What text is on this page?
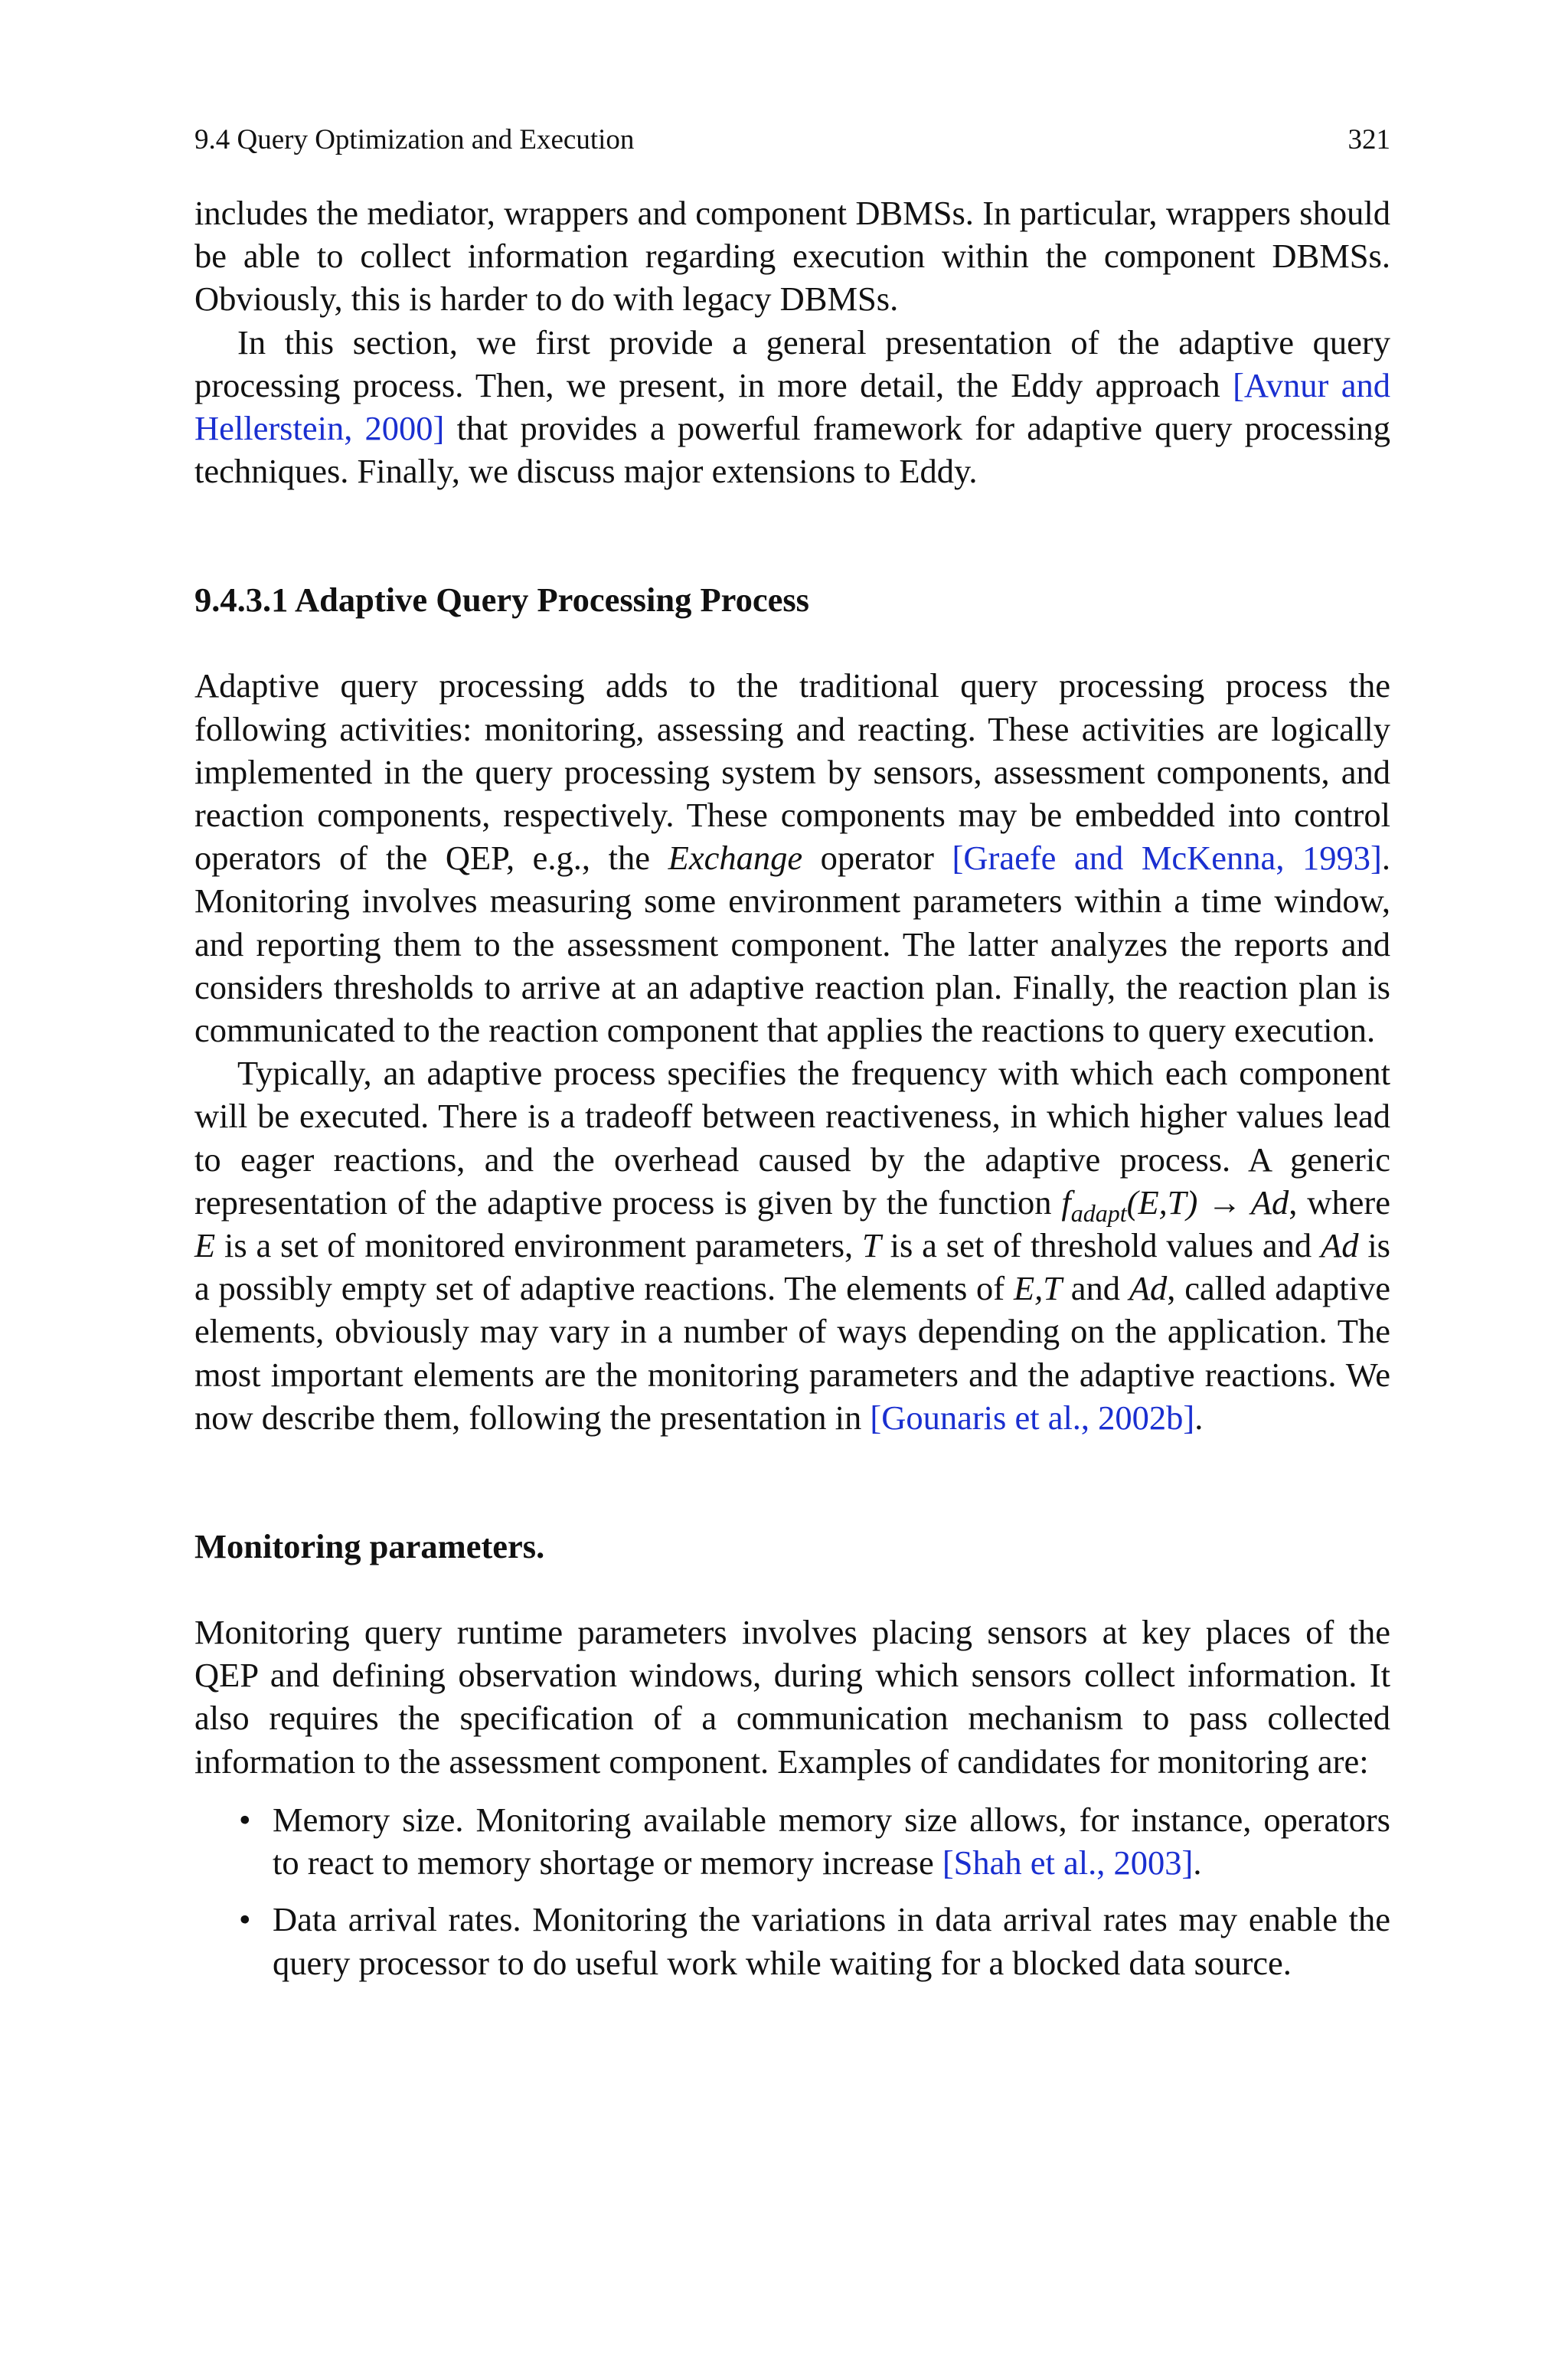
9.4 Query Optimization and Execution	321

includes the mediator, wrappers and component DBMSs. In particular, wrappers should be able to collect information regarding execution within the component DBMSs. Obviously, this is harder to do with legacy DBMSs.

In this section, we first provide a general presentation of the adaptive query processing process. Then, we present, in more detail, the Eddy approach [Avnur and Hellerstein, 2000] that provides a powerful framework for adaptive query processing techniques. Finally, we discuss major extensions to Eddy.

9.4.3.1 Adaptive Query Processing Process

Adaptive query processing adds to the traditional query processing process the following activities: monitoring, assessing and reacting. These activities are logically implemented in the query processing system by sensors, assessment components, and reaction components, respectively. These components may be embedded into control operators of the QEP, e.g., the Exchange operator [Graefe and McKenna, 1993]. Monitoring involves measuring some environment parameters within a time window, and reporting them to the assessment component. The latter analyzes the reports and considers thresholds to arrive at an adaptive reaction plan. Finally, the reaction plan is communicated to the reaction component that applies the reactions to query execution.

Typically, an adaptive process specifies the frequency with which each component will be executed. There is a tradeoff between reactiveness, in which higher values lead to eager reactions, and the overhead caused by the adaptive process. A generic representation of the adaptive process is given by the function $f_{adapt}(E,T) \to Ad$, where E is a set of monitored environment parameters, T is a set of threshold values and Ad is a possibly empty set of adaptive reactions. The elements of E,T and Ad, called adaptive elements, obviously may vary in a number of ways depending on the application. The most important elements are the monitoring parameters and the adaptive reactions. We now describe them, following the presentation in [Gounaris et al., 2002b].

Monitoring parameters.

Monitoring query runtime parameters involves placing sensors at key places of the QEP and defining observation windows, during which sensors collect information. It also requires the specification of a communication mechanism to pass collected information to the assessment component. Examples of candidates for monitoring are:

• Memory size. Monitoring available memory size allows, for instance, operators to react to memory shortage or memory increase [Shah et al., 2003].
• Data arrival rates. Monitoring the variations in data arrival rates may enable the query processor to do useful work while waiting for a blocked data source.
